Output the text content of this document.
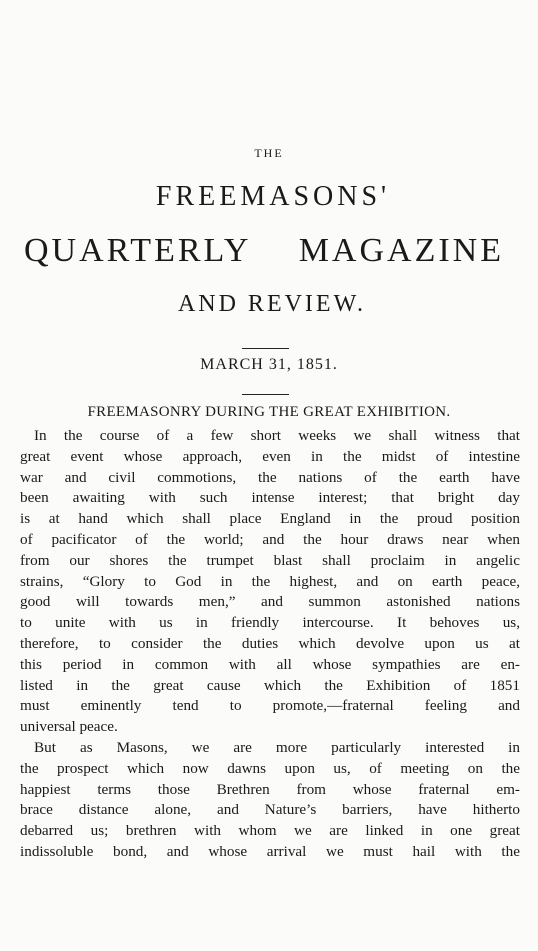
THE
FREEMASONS'
QUARTERLY MAGAZINE
AND REVIEW.
MARCH 31, 1851.
FREEMASONRY DURING THE GREAT EXHIBITION.
In the course of a few short weeks we shall witness that
great event whose approach, even in the midst of intestine
war and civil commotions, the nations of the earth have
been awaiting with such intense interest; that bright day
is at hand which shall place England in the proud position
of pacificator of the world; and the hour draws near when
from our shores the trumpet blast shall proclaim in angelic
strains, “Glory to God in the highest, and on earth peace,
good will towards men,” and summon astonished nations
to unite with us in friendly intercourse. It behoves us,
therefore, to consider the duties which devolve upon us at
this period in common with all whose sympathies are en-
listed in the great cause which the Exhibition of 1851
must eminently tend to promote,—fraternal feeling and
universal peace.
But as Masons, we are more particularly interested in
the prospect which now dawns upon us, of meeting on the
happiest terms those Brethren from whose fraternal em-
brace distance alone, and Nature’s barriers, have hitherto
debarred us; brethren with whom we are linked in one great
indissoluble bond, and whose arrival we must hail with the
